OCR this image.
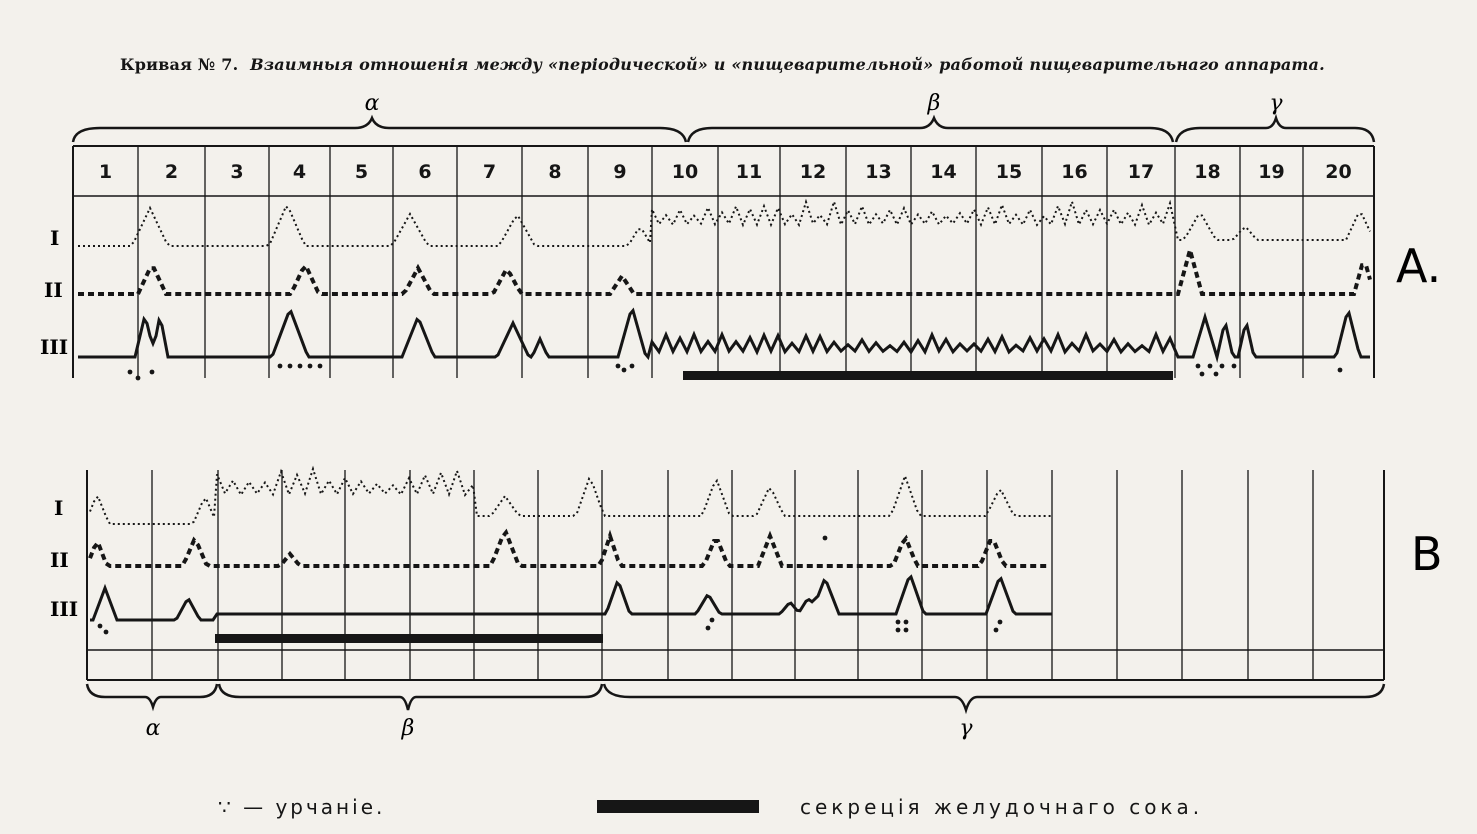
Кривая № 7. Взаимныя отношенія между «періодической» и «пищеварительной» работой пищеварительнаго аппарата.
1	2	3	4	5	6	7	8	9 10 11 12 13 14 15 16 17 18 19 20
α	β	γ
I
II
III
A.
α	β	γ
I
II
III
B
∵ — урчаніе.	секреція желудочнаго сока.
